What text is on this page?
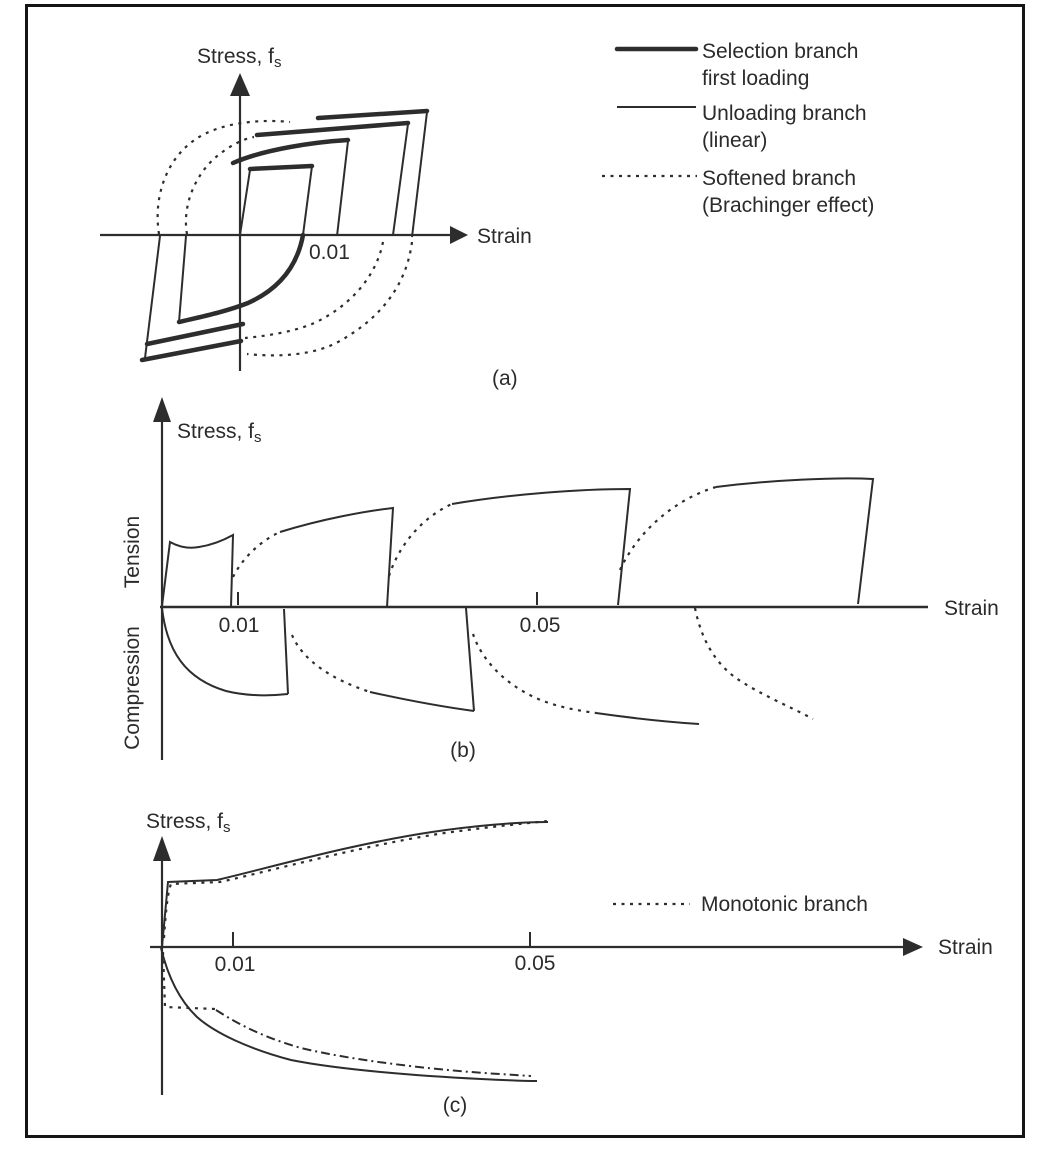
Stress, fs
Strain
0.01
(a)
Selection branch
first loading
Unloading branch
(linear)
Softened branch
(Brachinger effect)
Stress, fs
Strain
Tension
Compression
0.01	0.05
(b)
Monotonic branch
Stress, fs
Strain
0.01	0.05
(c)
